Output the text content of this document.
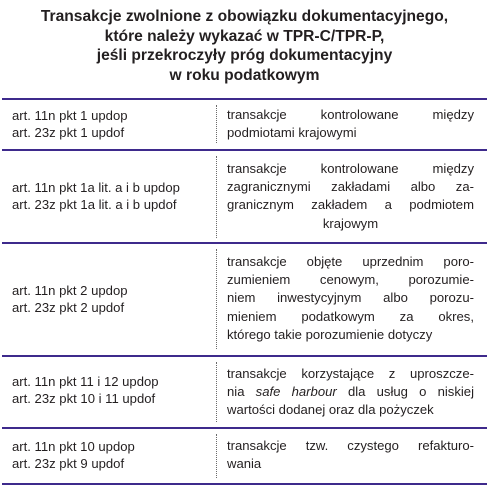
Transakcje zwolnione z obowiązku dokumentacyjnego,
które należy wykazać w TPR-C/TPR-P,
jeśli przekroczyły próg dokumentacyjny
w roku podatkowym
art. 11n pkt 1 updop
art. 23z pkt 1 updof
transakcje kontrolowane między
podmiotami krajowymi
art. 11n pkt 1a lit. a i b updop
art. 23z pkt 1a lit. a i b updof
transakcje kontrolowane między
zagranicznymi zakładami albo za-
granicznym zakładem a podmiotem
krajowym
art. 11n pkt 2 updop
art. 23z pkt 2 updof
transakcje objęte uprzednim poro-
zumieniem cenowym, porozumie-
niem inwestycyjnym albo porozu-
mieniem podatkowym za okres,
którego takie porozumienie dotyczy
art. 11n pkt 11 i 12 updop
art. 23z pkt 10 i 11 updof
transakcje korzystające z uproszcze-
nia safe harbour dla usług o niskiej
wartości dodanej oraz dla pożyczek
art. 11n pkt 10 updop
art. 23z pkt 9 updof
transakcje tzw. czystego refakturo-
wania
